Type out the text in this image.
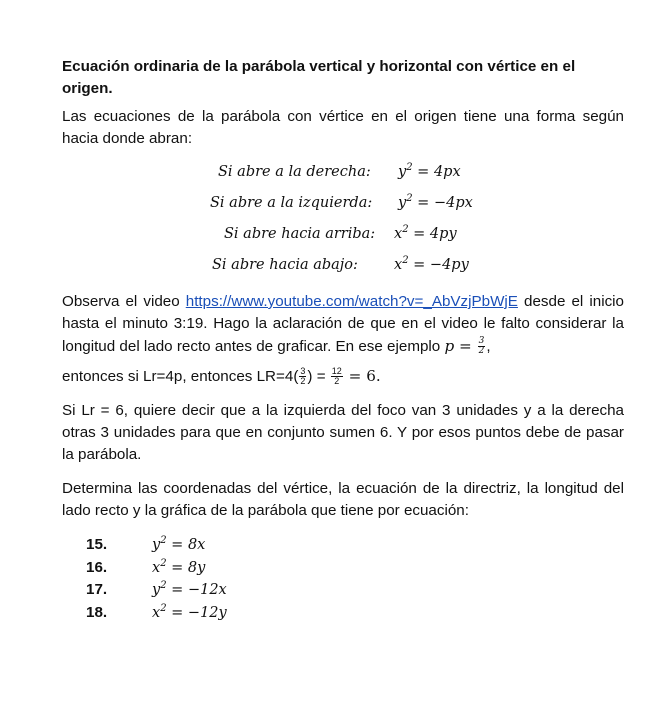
Ecuación ordinaria de la parábola vertical y horizontal con vértice en el origen.

Las ecuaciones de la parábola con vértice en el origen tiene una forma según hacia donde abran:

Si abre a la derecha: $y^2 = 4px$
Si abre a la izquierda: $y^2 = -4px$
Si abre hacia arriba: $x^2 = 4py$
Si abre hacia abajo: $x^2 = -4py$

Observa el video https://www.youtube.com/watch?v=_AbVzjPbWjE desde el inicio hasta el minuto 3:19. Hago la aclaración de que en el video le falto considerar la longitud del lado recto antes de graficar. En ese ejemplo $p = \frac{3}{2}$ ,

entonces si Lr=4p, entonces $LR=4( \frac{3}{2}$ ) = $\frac{12}{2} = 6$.

Si Lr = 6, quiere decir que a la izquierda del foco van 3 unidades y a la derecha otras 3 unidades para que en conjunto sumen 6. Y por esos puntos debe de pasar la parábola.

Determina las coordenadas del vértice, la ecuación de la directriz, la longitud del lado recto y la gráfica de la parábola que tiene por ecuación:

15.	$y^2 = 8x$
16.	$x^2 = 8y$
17.	$y^2 = -12x$
18.	$x^2 = -12y$
